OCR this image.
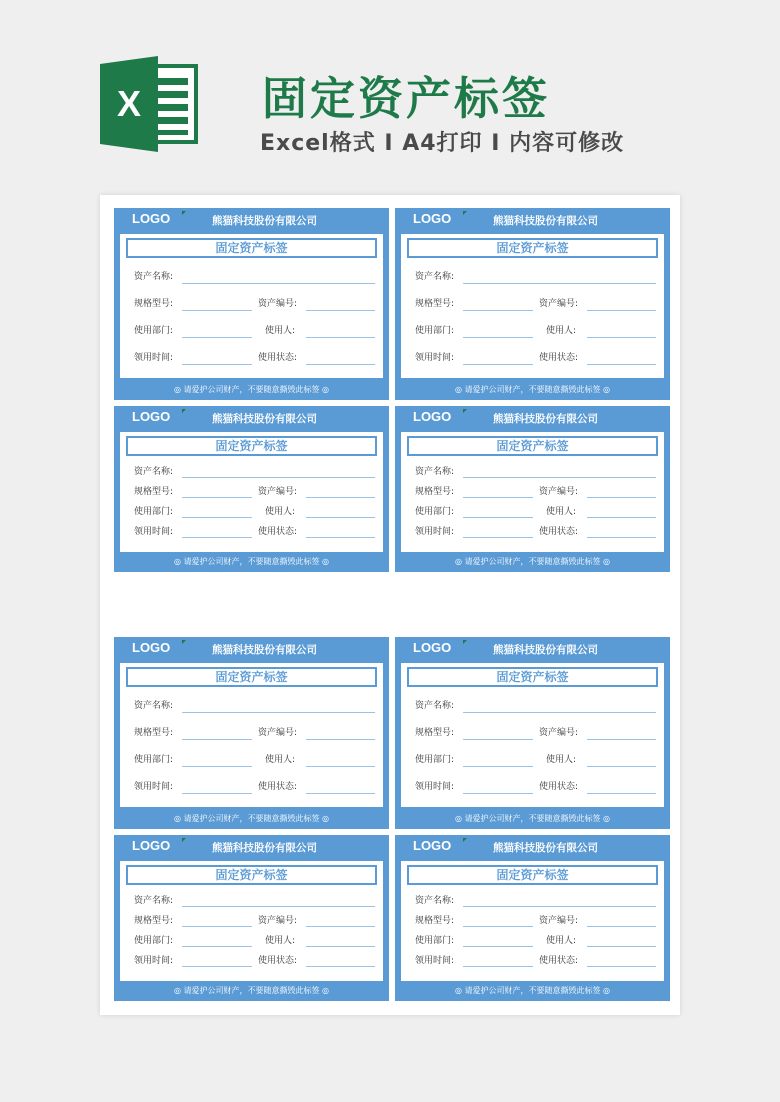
X	固定资产标签
Excel格式 I A4打印 I 内容可修改
LOGO	熊猫科技股份有限公司
固定资产标签
资产名称:
规格型号:	资产编号:
使用部门:	使用人:
领用时间:	使用状态:
◎ 请爱护公司财产，不要随意撕毁此标签 ◎
LOGO	熊猫科技股份有限公司
固定资产标签
资产名称:
规格型号:	资产编号:
使用部门:	使用人:
领用时间:	使用状态:
◎ 请爱护公司财产，不要随意撕毁此标签 ◎
LOGO	熊猫科技股份有限公司
固定资产标签
资产名称:
规格型号:	资产编号:
使用部门:	使用人:
领用时间:	使用状态:
◎ 请爱护公司财产，不要随意撕毁此标签 ◎
LOGO	熊猫科技股份有限公司
固定资产标签
资产名称:
规格型号:	资产编号:
使用部门:	使用人:
领用时间:	使用状态:
◎ 请爱护公司财产，不要随意撕毁此标签 ◎
LOGO	熊猫科技股份有限公司
固定资产标签
资产名称:
规格型号:	资产编号:
使用部门:	使用人:
领用时间:	使用状态:
◎ 请爱护公司财产，不要随意撕毁此标签 ◎
LOGO	熊猫科技股份有限公司
固定资产标签
资产名称:
规格型号:	资产编号:
使用部门:	使用人:
领用时间:	使用状态:
◎ 请爱护公司财产，不要随意撕毁此标签 ◎
LOGO	熊猫科技股份有限公司
固定资产标签
资产名称:
规格型号:	资产编号:
使用部门:	使用人:
领用时间:	使用状态:
◎ 请爱护公司财产，不要随意撕毁此标签 ◎
LOGO	熊猫科技股份有限公司
固定资产标签
资产名称:
规格型号:	资产编号:
使用部门:	使用人:
领用时间:	使用状态:
◎ 请爱护公司财产，不要随意撕毁此标签 ◎
